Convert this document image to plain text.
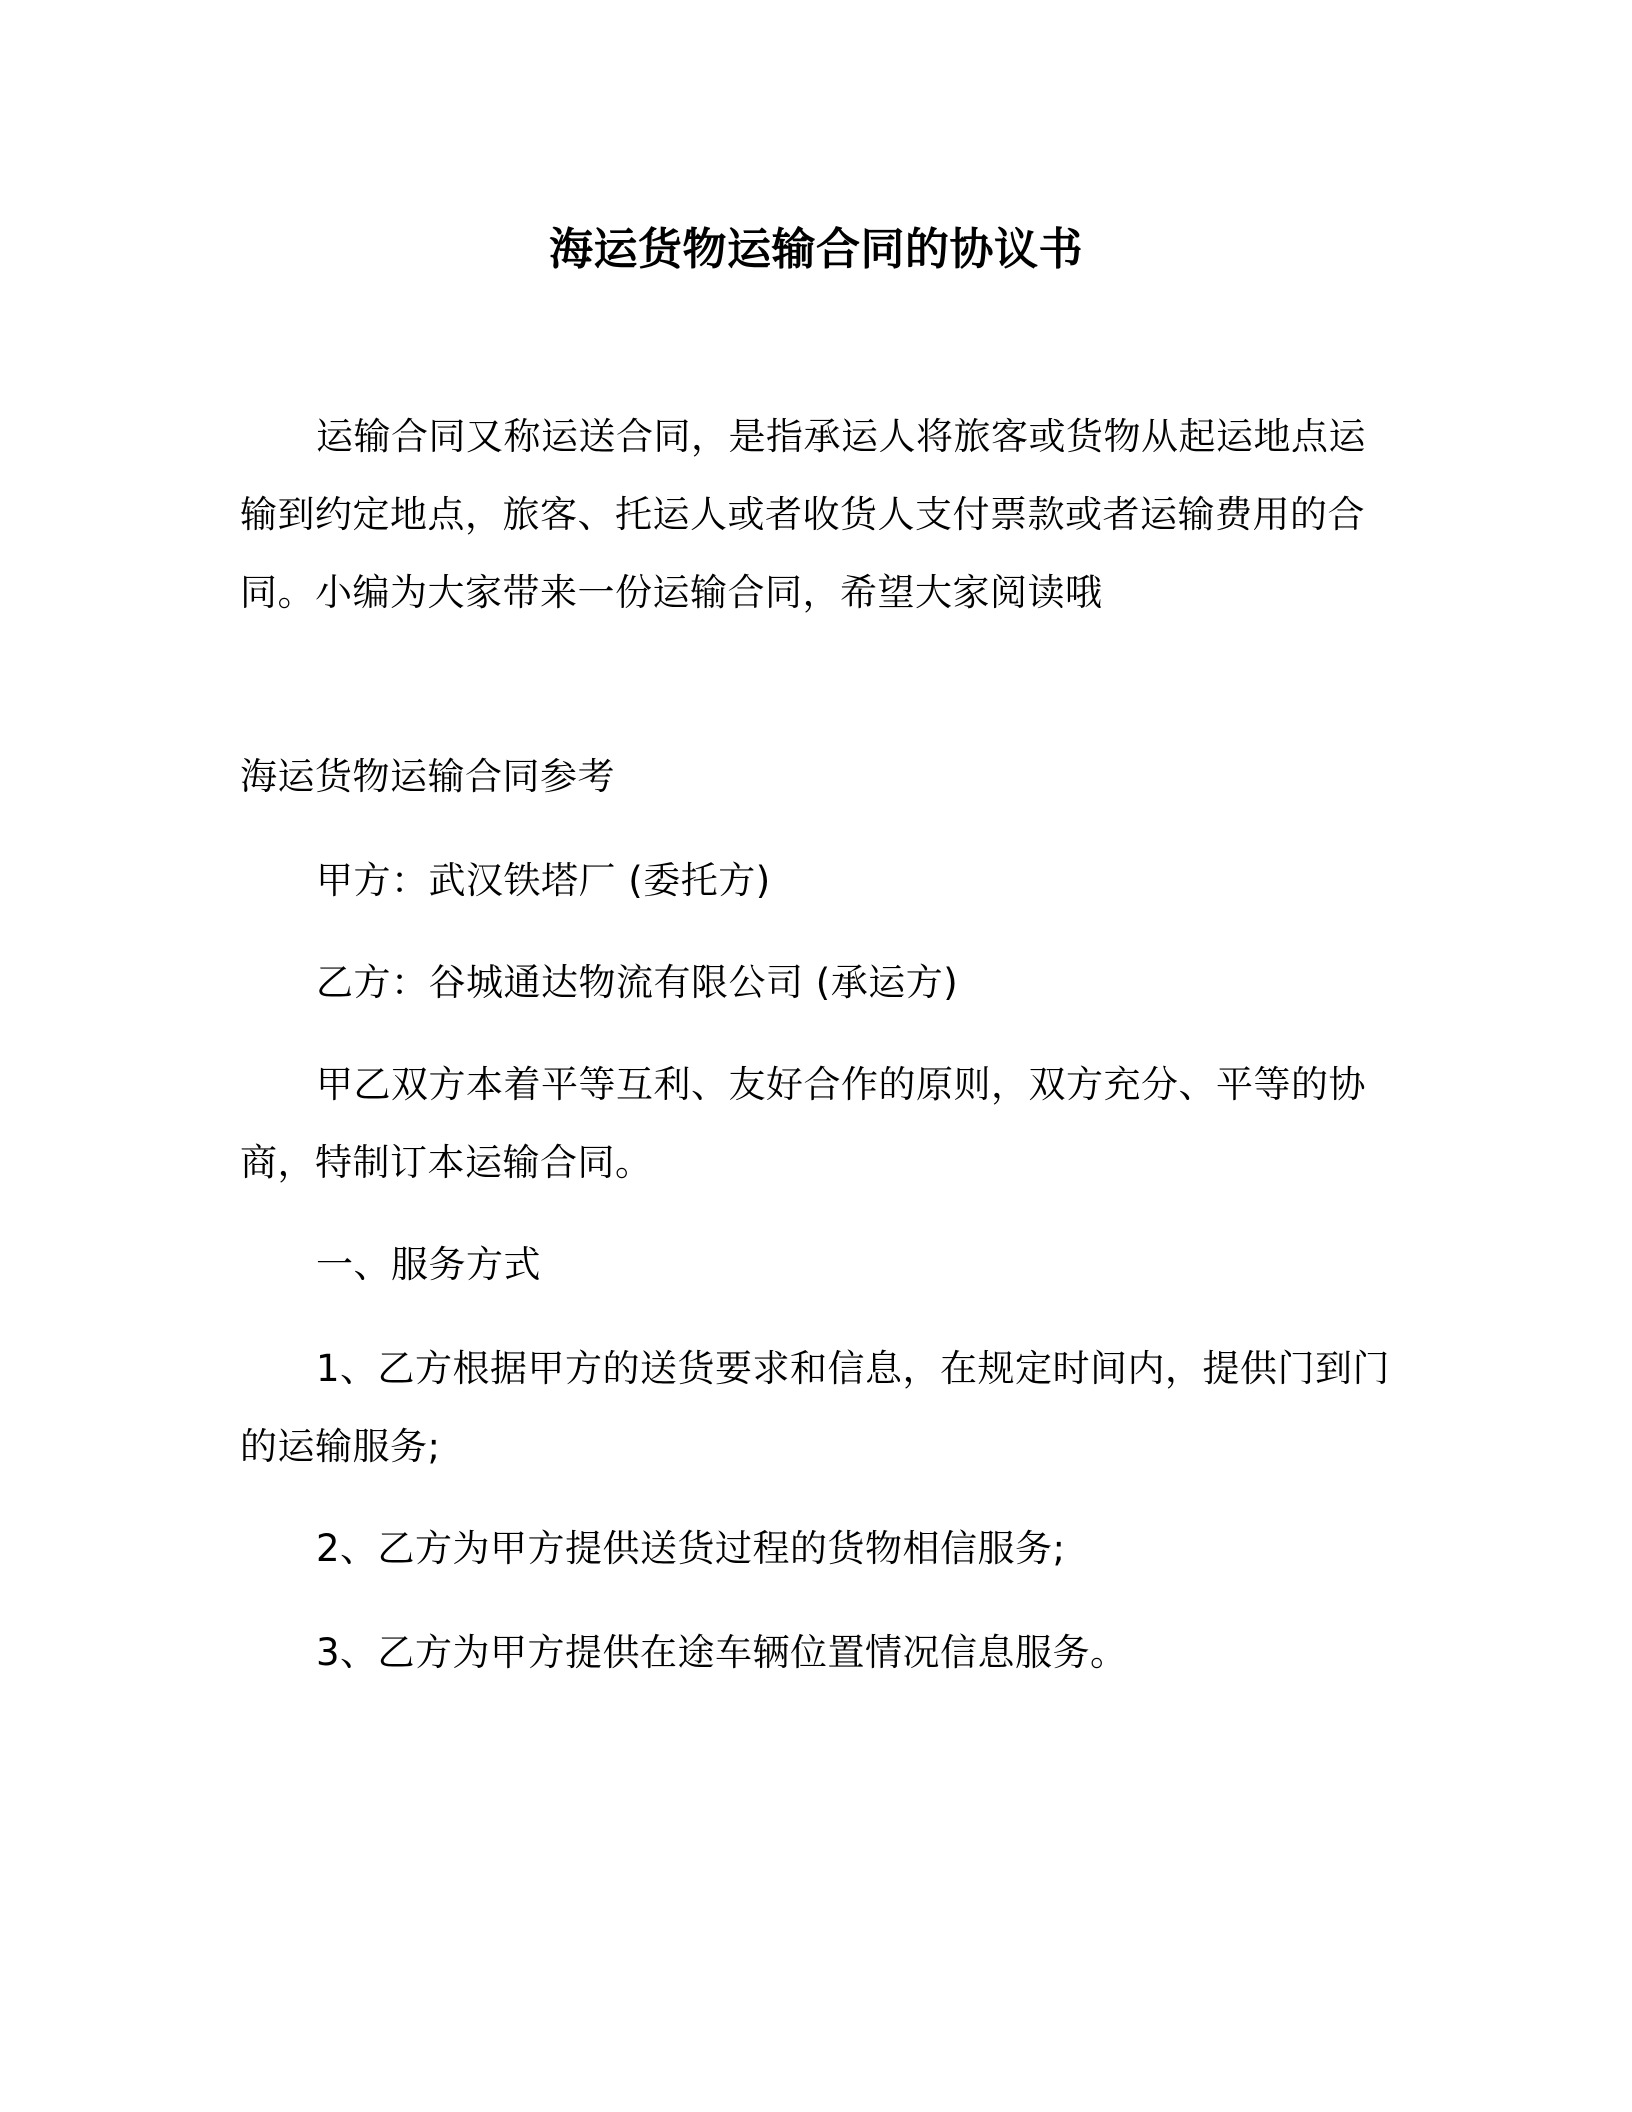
海运货物运输合同的协议书
运输合同又称运送合同，是指承运人将旅客或货物从起运地点运
输到约定地点，旅客、托运人或者收货人支付票款或者运输费用的合
同。小编为大家带来一份运输合同，希望大家阅读哦
海运货物运输合同参考
甲方：武汉铁塔厂 (委托方)
乙方：谷城通达物流有限公司 (承运方)
甲乙双方本着平等互利、友好合作的原则，双方充分、平等的协
商，特制订本运输合同。
一、服务方式
1、乙方根据甲方的送货要求和信息，在规定时间内，提供门到门
的运输服务;
2、乙方为甲方提供送货过程的货物相信服务;
3、乙方为甲方提供在途车辆位置情况信息服务。
